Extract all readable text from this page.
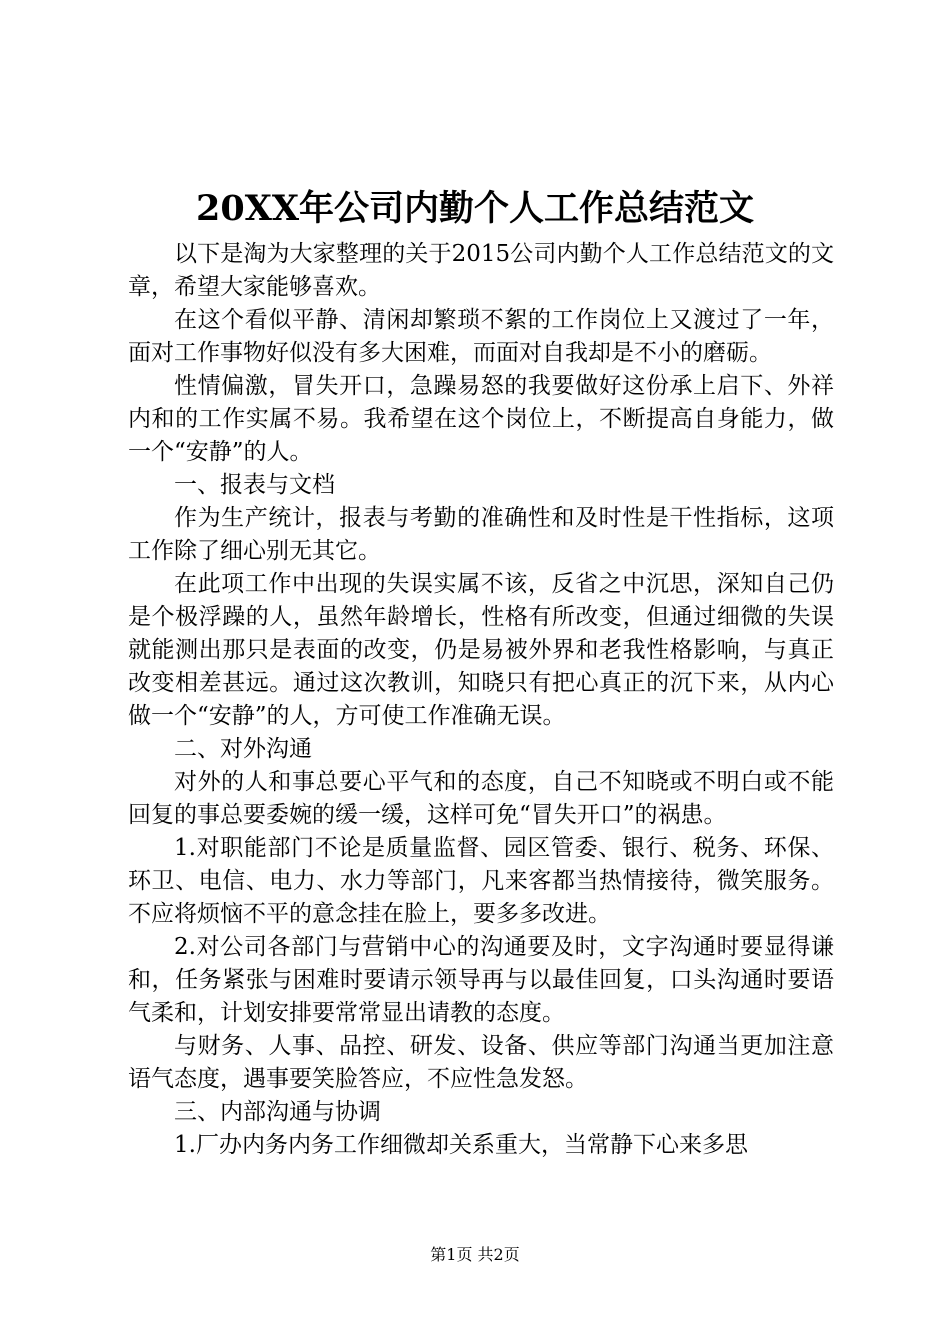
20XX年公司内勤个人工作总结范文

以下是淘为大家整理的关于2015公司内勤个人工作总结范文的文章，希望大家能够喜欢。

在这个看似平静、清闲却繁琐不絮的工作岗位上又渡过了一年，面对工作事物好似没有多大困难，而面对自我却是不小的磨砺。

性情偏激，冒失开口，急躁易怒的我要做好这份承上启下、外祥内和的工作实属不易。我希望在这个岗位上，不断提高自身能力，做一个“安静”的人。

一、报表与文档

作为生产统计，报表与考勤的准确性和及时性是干性指标，这项工作除了细心别无其它。

在此项工作中出现的失误实属不该，反省之中沉思，深知自己仍是个极浮躁的人，虽然年龄增长，性格有所改变，但通过细微的失误就能测出那只是表面的改变，仍是易被外界和老我性格影响，与真正改变相差甚远。通过这次教训，知晓只有把心真正的沉下来，从内心做一个“安静”的人，方可使工作准确无误。

二、对外沟通

对外的人和事总要心平气和的态度，自己不知晓或不明白或不能回复的事总要委婉的缓一缓，这样可免“冒失开口”的祸患。

1.对职能部门不论是质量监督、园区管委、银行、税务、环保、环卫、电信、电力、水力等部门，凡来客都当热情接待，微笑服务。不应将烦恼不平的意念挂在脸上，要多多改进。

2.对公司各部门与营销中心的沟通要及时，文字沟通时要显得谦和，任务紧张与困难时要请示领导再与以最佳回复，口头沟通时要语气柔和，计划安排要常常显出请教的态度。

与财务、人事、品控、研发、设备、供应等部门沟通当更加注意语气态度，遇事要笑脸答应，不应性急发怒。

三、内部沟通与协调

1.厂办内务内务工作细微却关系重大，当常静下心来多思

第1页 共2页
